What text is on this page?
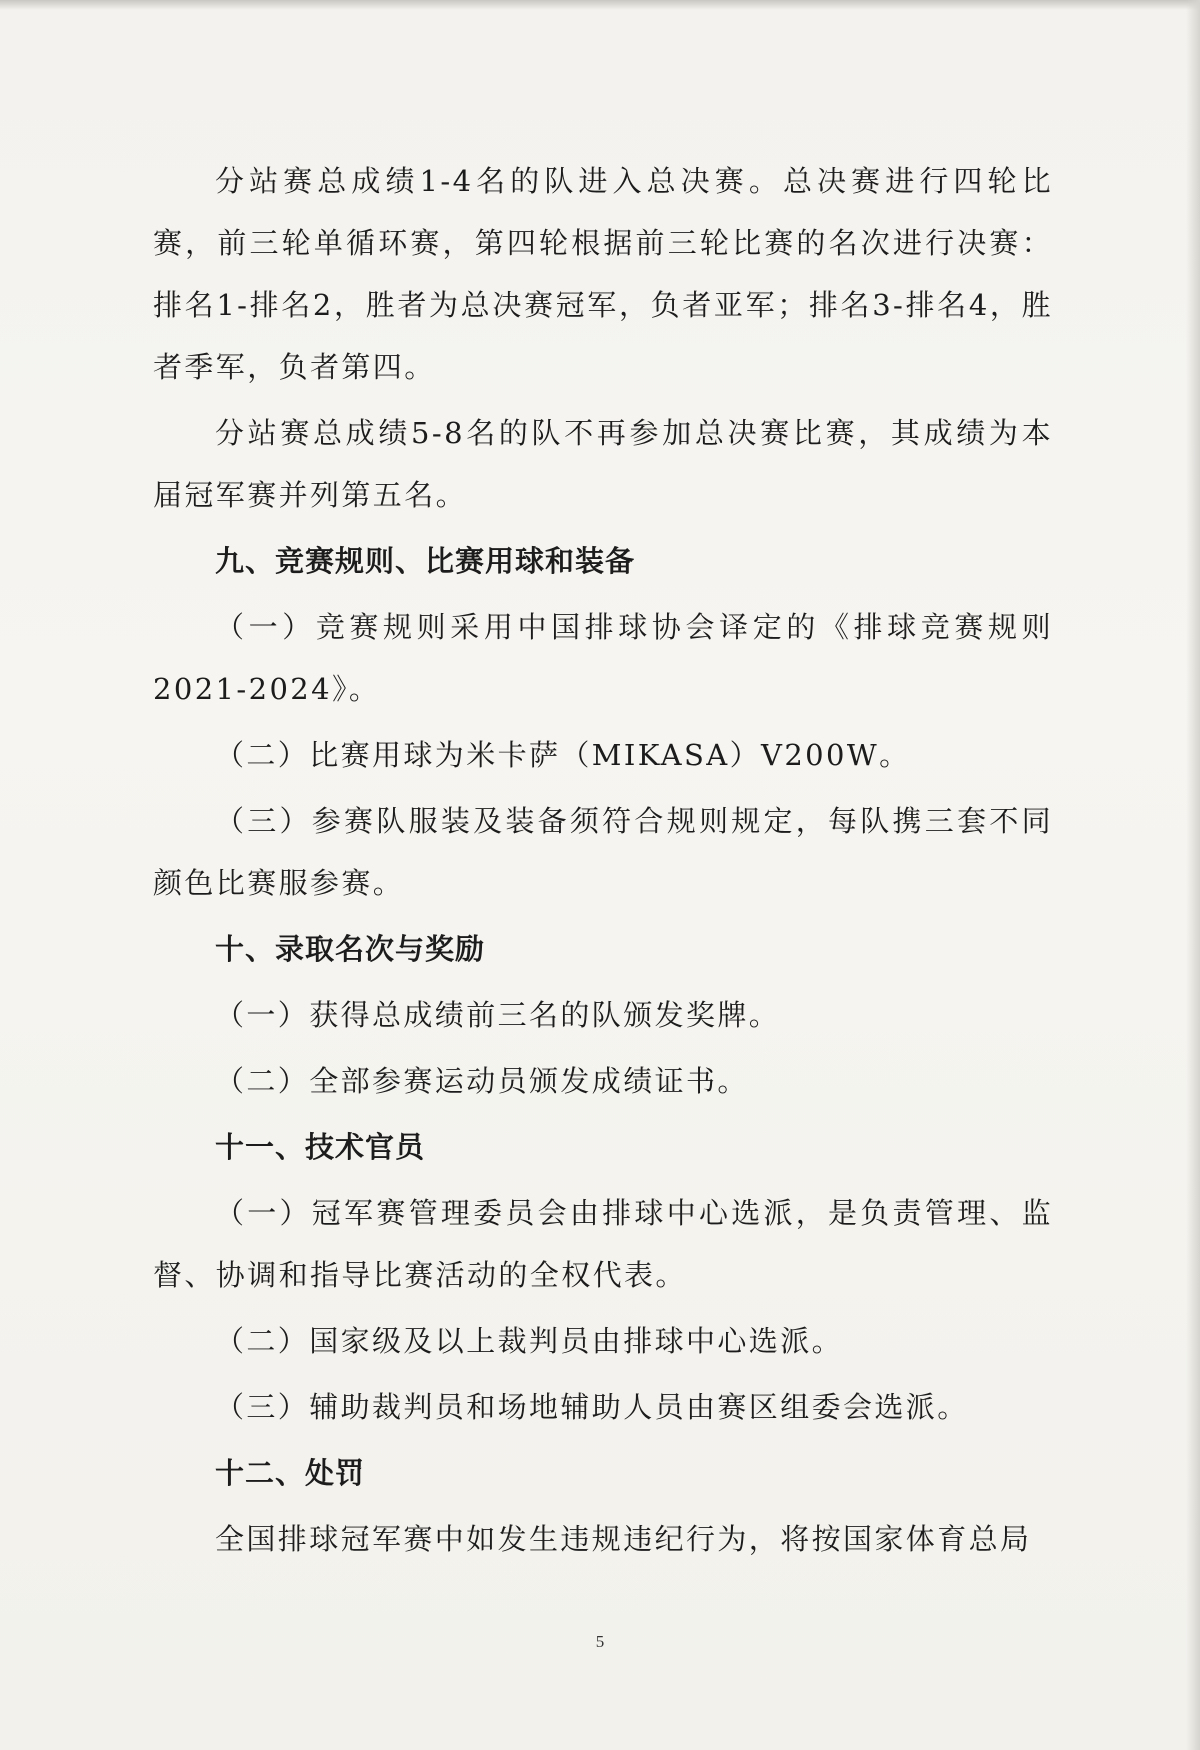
分站赛总成绩1-4名的队进入总决赛。总决赛进行四轮比赛，前三轮单循环赛，第四轮根据前三轮比赛的名次进行决赛：排名1-排名2，胜者为总决赛冠军，负者亚军；排名3-排名4，胜者季军，负者第四。

分站赛总成绩5-8名的队不再参加总决赛比赛，其成绩为本届冠军赛并列第五名。

九、竞赛规则、比赛用球和装备

（一）竞赛规则采用中国排球协会译定的《排球竞赛规则2021-2024》。

（二）比赛用球为米卡萨（MIKASA）V200W。

（三）参赛队服装及装备须符合规则规定，每队携三套不同颜色比赛服参赛。

十、录取名次与奖励

（一）获得总成绩前三名的队颁发奖牌。

（二）全部参赛运动员颁发成绩证书。

十一、技术官员

（一）冠军赛管理委员会由排球中心选派，是负责管理、监督、协调和指导比赛活动的全权代表。

（二）国家级及以上裁判员由排球中心选派。

（三）辅助裁判员和场地辅助人员由赛区组委会选派。

十二、处罚

全国排球冠军赛中如发生违规违纪行为，将按国家体育总局

5
